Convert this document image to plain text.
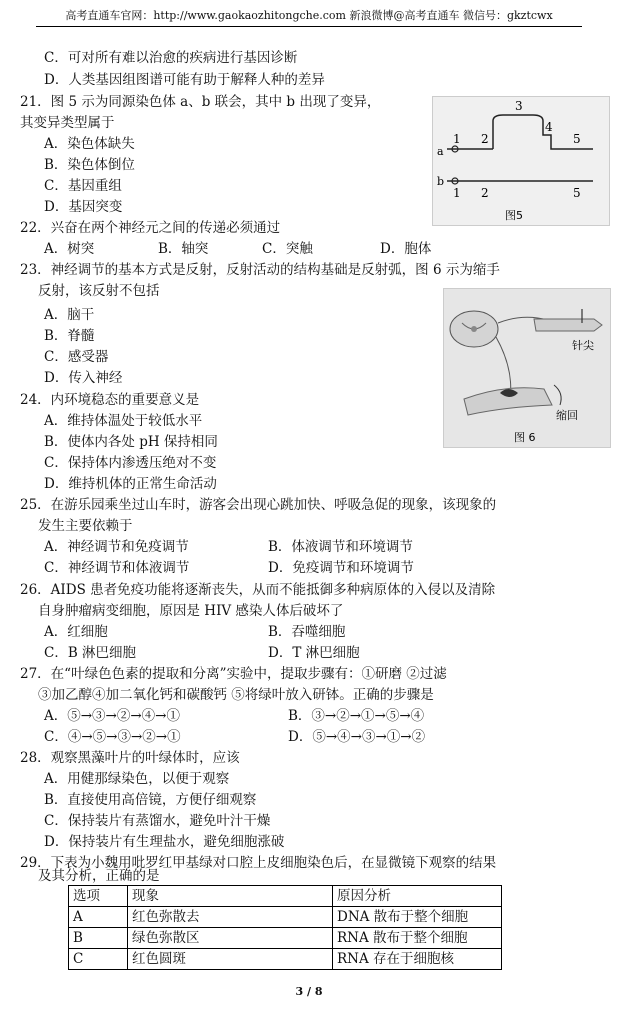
高考直通车官网：http://www.gaokaozhitongche.com 新浪微博@高考直通车 微信号：gkztcwx
C．可对所有难以治愈的疾病进行基因诊断
D．人类基因组图谱可能有助于解释人种的差异
21．图 5 示为同源染色体 a、b 联会，其中 b 出现了变异，
其变异类型属于
A．染色体缺失
B．染色体倒位
C．基因重组
D．基因突变
a
b
1 2
3
4
5
1 2	5
图5
22．兴奋在两个神经元之间的传递必须通过
A．树突	B．轴突	C．突触	D．胞体
23．神经调节的基本方式是反射，反射活动的结构基础是反射弧，图 6 示为缩手
反射，该反射不包括
A．脑干
B．脊髓
C．感受器
D．传入神经
针尖
缩回
图 6
24．内环境稳态的重要意义是
A．维持体温处于较低水平
B．使体内各处 pH 保持相同
C．保持体内渗透压绝对不变
D．维持机体的正常生命活动
25．在游乐园乘坐过山车时，游客会出现心跳加快、呼吸急促的现象，该现象的
发生主要依赖于
A．神经调节和免疫调节	B．体液调节和环境调节
C．神经调节和体液调节	D．免疫调节和环境调节
26．AIDS 患者免疫功能将逐渐丧失，从而不能抵御多种病原体的入侵以及清除
自身肿瘤病变细胞，原因是 HIV 感染人体后破坏了
A．红细胞	B．吞噬细胞
C．B 淋巴细胞	D．T 淋巴细胞
27．在“叶绿色色素的提取和分离”实验中，提取步骤有：①研磨 ②过滤
③加乙醇④加二氧化钙和碳酸钙 ⑤将绿叶放入研钵。正确的步骤是
A．⑤→③→②→④→①	B．③→②→①→⑤→④
C．④→⑤→③→②→①	D．⑤→④→③→①→②
28．观察黑藻叶片的叶绿体时，应该
A．用健那绿染色，以便于观察
B．直接使用高倍镜，方便仔细观察
C．保持装片有蒸馏水，避免叶汁干燥
D．保持装片有生理盐水，避免细胞涨破
29．下表为小魏用吡罗红甲基绿对口腔上皮细胞染色后，在显微镜下观察的结果
及其分析，正确的是
选项	现象	原因分析
A	红色弥散去	DNA 散布于整个细胞
B	绿色弥散区	RNA 散布于整个细胞
C	红色圆斑	RNA 存在于细胞核
3 / 8
